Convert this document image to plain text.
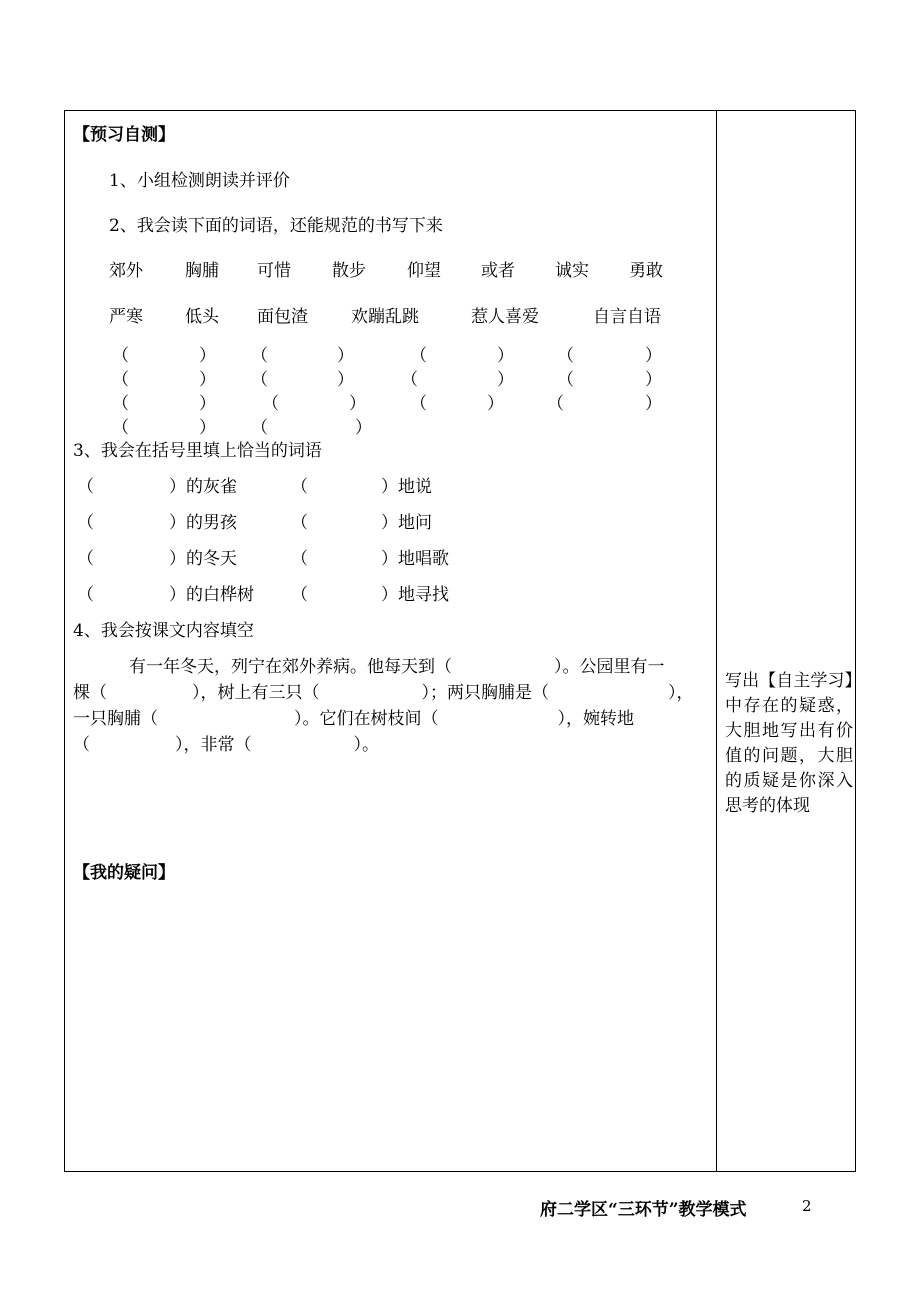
【预习自测】
1、小组检测朗读并评价
2、我会读下面的词语，还能规范的书写下来
郊外 胸脯 可惜 散步 仰望 或者 诚实 勇敢
严寒 低头 面包渣	欢蹦乱跳	惹人喜爱	自言自语
（	） （	）	（	）	（	）
（	） （	）	（	）	（	）
（	）	（	）	（	）	（	）
（	） （	）
3、我会在括号里填上恰当的词语
（	）的灰雀	（	）地说
（	）的男孩	（	）地问
（	）的冬天	（	）地唱歌
（	）的白桦树 （	）地寻找
4、我会按课文内容填空
有一年冬天，列宁在郊外养病。他每天到（　　　　　　）。公园里有一
棵（　　　　　），树上有三只（　　　　　　）；两只胸脯是（　　　　　　　），
一只胸脯（　　　　　　　　）。它们在树枝间（　　　　　　　），婉转地
（　　　　　），非常（　　　　　　）。
【我的疑问】
写出【自主学习】中存在的疑惑，大胆地写出有价值的问题，大胆的质疑是你深入思考的体现
府二学区“三环节”教学模式	2
